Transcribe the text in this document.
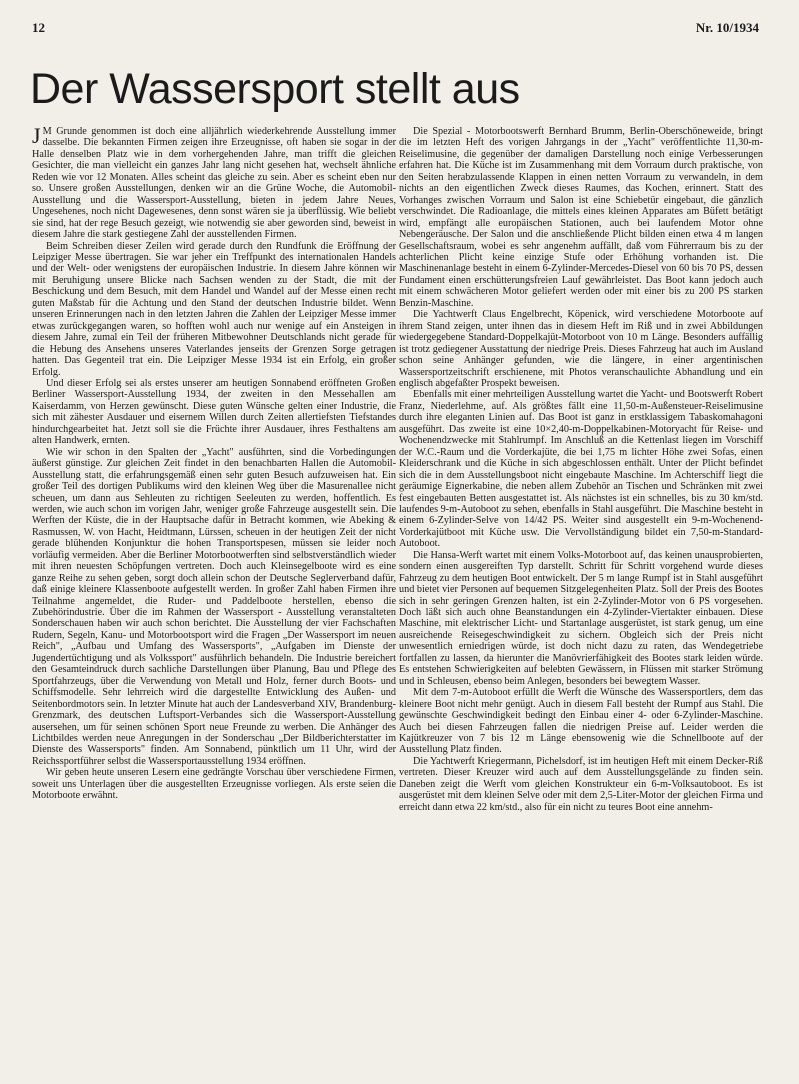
12	Nr. 10/1934
Der Wassersport stellt aus

J M Grunde genommen ist doch eine alljährlich wiederkehrende Ausstellung immer dasselbe. Die bekannten Firmen zeigen ihre Erzeugnisse, oft haben sie sogar in der Halle denselben Platz wie in dem vorhergehenden Jahre, man trifft die gleichen Gesichter, die man vielleicht ein ganzes Jahr lang nicht gesehen hat, wechselt ähnliche Reden wie vor 12 Monaten. Alles scheint das gleiche zu sein. Aber es scheint eben nur so. Unsere großen Ausstellungen, denken wir an die Grüne Woche, die Automobil-Ausstellung und die Wassersport-Ausstellung, bieten in jedem Jahre Neues, Ungesehenes, noch nicht Dagewesenes, denn sonst wären sie ja überflüssig. Wie beliebt sie sind, hat der rege Besuch gezeigt, wie notwendig sie aber geworden sind, beweist in diesem Jahre die stark gestiegene Zahl der ausstellenden Firmen.

Beim Schreiben dieser Zeilen wird gerade durch den Rundfunk die Eröffnung der Leipziger Messe übertragen. Sie war jeher ein Treffpunkt des internationalen Handels und der Welt- oder wenigstens der europäischen Industrie. In diesem Jahre können wir mit Beruhigung unsere Blicke nach Sachsen wenden zu der Stadt, die mit der Beschickung und dem Besuch, mit dem Handel und Wandel auf der Messe einen recht guten Maßstab für die Achtung und den Stand der deutschen Industrie bildet. Wenn unseren Erinnerungen nach in den letzten Jahren die Zahlen der Leipziger Messe immer etwas zurückgegangen waren, so hofften wohl auch nur wenige auf ein Ansteigen in diesem Jahre, zumal ein Teil der früheren Mitbewohner Deutschlands nicht gerade für die Hebung des Ansehens unseres Vaterlandes jenseits der Grenzen Sorge getragen hatten. Das Gegenteil trat ein. Die Leipziger Messe 1934 ist ein Erfolg, ein großer Erfolg.

Und dieser Erfolg sei als erstes unserer am heutigen Sonnabend eröffneten Großen Berliner Wassersport-Ausstellung 1934, der zweiten in den Messehallen am Kaiserdamm, von Herzen gewünscht. Diese guten Wünsche gelten einer Industrie, die sich mit zähester Ausdauer und eisernem Willen durch Zeiten allertiefsten Tiefstandes hindurchgearbeitet hat. Jetzt soll sie die Früchte ihrer Ausdauer, ihres Festhaltens am alten Handwerk, ernten.

Wie wir schon in den Spalten der „Yacht" ausführten, sind die Vorbedingungen äußerst günstige. Zur gleichen Zeit findet in den benachbarten Hallen die Automobil-Ausstellung statt, die erfahrungsgemäß einen sehr guten Besuch aufzuweisen hat. Ein großer Teil des dortigen Publikums wird den kleinen Weg über die Masurenallee nicht scheuen, um dann aus Sehleuten zu richtigen Seeleuten zu werden, hoffentlich. Es werden, wie auch schon im vorigen Jahr, weniger große Fahrzeuge ausgestellt sein. Die Werften der Küste, die in der Hauptsache dafür in Betracht kommen, wie Abeking & Rasmussen, W. von Hacht, Heidtmann, Lürssen, scheuen in der heutigen Zeit der nicht gerade blühenden Konjunktur die hohen Transportspesen, müssen sie leider noch vorläufig vermeiden. Aber die Berliner Motorbootwerften sind selbstverständlich wieder mit ihren neuesten Schöpfungen vertreten. Doch auch Kleinsegelboote wird es eine ganze Reihe zu sehen geben, sorgt doch allein schon der Deutsche Seglerverband dafür, daß einige kleinere Klassenboote aufgestellt werden. In großer Zahl haben Firmen ihre Teilnahme angemeldet, die Ruder- und Paddelboote herstellen, ebenso die Zubehörindustrie. Über die im Rahmen der Wassersport - Ausstellung veranstalteten Sonderschauen haben wir auch schon berichtet. Die Ausstellung der vier Fachschaften Rudern, Segeln, Kanu- und Motorbootsport wird die Fragen „Der Wassersport im neuen Reich", „Aufbau und Umfang des Wassersports", „Aufgaben im Dienste der Jugendertüchtigung und als Volkssport" ausführlich behandeln. Die Industrie bereichert den Gesamteindruck durch sachliche Darstellungen über Planung, Bau und Pflege des Sportfahrzeugs, über die Verwendung von Metall und Holz, ferner durch Boots- und Schiffsmodelle. Sehr lehrreich wird die dargestellte Entwicklung des Außen- und Seitenbordmotors sein. In letzter Minute hat auch der Landesverband XIV, Brandenburg-Grenzmark, des deutschen Luftsport-Verbandes sich die Wassersport-Ausstellung ausersehen, um für seinen schönen Sport neue Freunde zu werben. Die Anhänger des Lichtbildes werden neue Anregungen in der Sonderschau „Der Bildberichterstatter im Dienste des Wassersports" finden. Am Sonnabend, pünktlich um 11 Uhr, wird der Reichssportführer selbst die Wassersportausstellung 1934 eröffnen.

Wir geben heute unseren Lesern eine gedrängte Vorschau über verschiedene Firmen, soweit uns Unterlagen über die ausgestellten Erzeugnisse vorliegen. Als erste seien die Motorboote erwähnt.

Die Spezial - Motorbootswerft Bernhard Brumm, Berlin-Oberschöneweide, bringt die im letzten Heft des vorigen Jahrgangs in der „Yacht" veröffentlichte 11,30-m-Reiselimusine, die gegenüber der damaligen Darstellung noch einige Verbesserungen erfahren hat. Die Küche ist im Zusammenhang mit dem Vorraum durch praktische, von den Seiten herabzulassende Klappen in einen netten Vorraum zu verwandeln, in dem nichts an den eigentlichen Zweck dieses Raumes, das Kochen, erinnert. Statt des Vorhanges zwischen Vorraum und Salon ist eine Schiebetür eingebaut, die gänzlich verschwindet. Die Radioanlage, die mittels eines kleinen Apparates am Büfett betätigt wird, empfängt alle europäischen Stationen, auch bei laufendem Motor ohne Nebengeräusche. Der Salon und die anschließende Plicht bilden einen etwa 4 m langen Gesellschaftsraum, wobei es sehr angenehm auffällt, daß vom Führerraum bis zu der achterlichen Plicht keine einzige Stufe oder Erhöhung vorhanden ist. Die Maschinenanlage besteht in einem 6-Zylinder-Mercedes-Diesel von 60 bis 70 PS, dessen Fundament einen erschütterungsfreien Lauf gewährleistet. Das Boot kann jedoch auch mit einem schwächeren Motor geliefert werden oder mit einer bis zu 200 PS starken Benzin-Maschine.

Die Yachtwerft Claus Engelbrecht, Köpenick, wird verschiedene Motorboote auf ihrem Stand zeigen, unter ihnen das in diesem Heft im Riß und in zwei Abbildungen wiedergegebene Standard-Doppelkajüt-Motorboot von 10 m Länge. Besonders auffällig ist trotz gediegener Ausstattung der niedrige Preis. Dieses Fahrzeug hat auch im Ausland schon seine Anhänger gefunden, wie die längere, in einer argentinischen Wassersportzeitschrift erschienene, mit Photos veranschaulichte Abhandlung und ein englisch abgefaßter Prospekt beweisen.

Ebenfalls mit einer mehrteiligen Ausstellung wartet die Yacht- und Bootswerft Robert Franz, Niederlehme, auf. Als größtes fällt eine 11,50-m-Außensteuer-Reiselimusine durch ihre eleganten Linien auf. Das Boot ist ganz in erstklassigem Tabaskomahagoni ausgeführt. Das zweite ist eine 10×2,40-m-Doppelkabinen-Motoryacht für Reise- und Wochenendzwecke mit Stahlrumpf. Im Anschluß an die Kettenlast liegen im Vorschiff der W.C.-Raum und die Vorderkajüte, die bei 1,75 m lichter Höhe zwei Sofas, einen Kleiderschrank und die Küche in sich abgeschlossen enthält. Unter der Plicht befindet sich die in dem Ausstellungsboot nicht eingebaute Maschine. Im Achterschiff liegt die geräumige Eignerkabine, die neben allem Zubehör an Tischen und Schränken mit zwei fest eingebauten Betten ausgestattet ist. Als nächstes ist ein schnelles, bis zu 30 km/std. laufendes 9-m-Autoboot zu sehen, ebenfalls in Stahl ausgeführt. Die Maschine besteht in einem 6-Zylinder-Selve von 14/42 PS. Weiter sind ausgestellt ein 9-m-Wochenend-Vorderkajütboot mit Küche usw. Die Vervollständigung bildet ein 7,50-m-Standard-Autoboot.

Die Hansa-Werft wartet mit einem Volks-Motorboot auf, das keinen unausprobierten, sondern einen ausgereiften Typ darstellt. Schritt für Schritt vorgehend wurde dieses Fahrzeug zu dem heutigen Boot entwickelt. Der 5 m lange Rumpf ist in Stahl ausgeführt und bietet vier Personen auf bequemen Sitzgelegenheiten Platz. Soll der Preis des Bootes sich in sehr geringen Grenzen halten, ist ein 2-Zylinder-Motor von 6 PS vorgesehen. Doch läßt sich auch ohne Beanstandungen ein 4-Zylinder-Viertakter einbauen. Diese Maschine, mit elektrischer Licht- und Startanlage ausgerüstet, ist stark genug, um eine ausreichende Reisegeschwindigkeit zu sichern. Obgleich sich der Preis nicht unwesentlich erniedrigen würde, ist doch nicht dazu zu raten, das Wendegetriebe fortfallen zu lassen, da hierunter die Manövrierfähigkeit des Bootes stark leiden würde. Es entstehen Schwierigkeiten auf belebten Gewässern, in Flüssen mit starker Strömung und in Schleusen, ebenso beim Anlegen, besonders bei bewegtem Wasser.

Mit dem 7-m-Autoboot erfüllt die Werft die Wünsche des Wassersportlers, dem das kleinere Boot nicht mehr genügt. Auch in diesem Fall besteht der Rumpf aus Stahl. Die gewünschte Geschwindigkeit bedingt den Einbau einer 4- oder 6-Zylinder-Maschine. Auch bei diesen Fahrzeugen fallen die niedrigen Preise auf. Leider werden die Kajütkreuzer von 7 bis 12 m Länge ebensowenig wie die Schnellboote auf der Ausstellung Platz finden.

Die Yachtwerft Kriegermann, Pichelsdorf, ist im heutigen Heft mit einem Decker-Riß vertreten. Dieser Kreuzer wird auch auf dem Ausstellungsgelände zu finden sein. Daneben zeigt die Werft vom gleichen Konstrukteur ein 6-m-Volksautoboot. Es ist ausgerüstet mit dem kleinen Selve oder mit dem 2,5-Liter-Motor der gleichen Firma und erreicht dann etwa 22 km/std., also für ein nicht zu teures Boot eine annehm-
